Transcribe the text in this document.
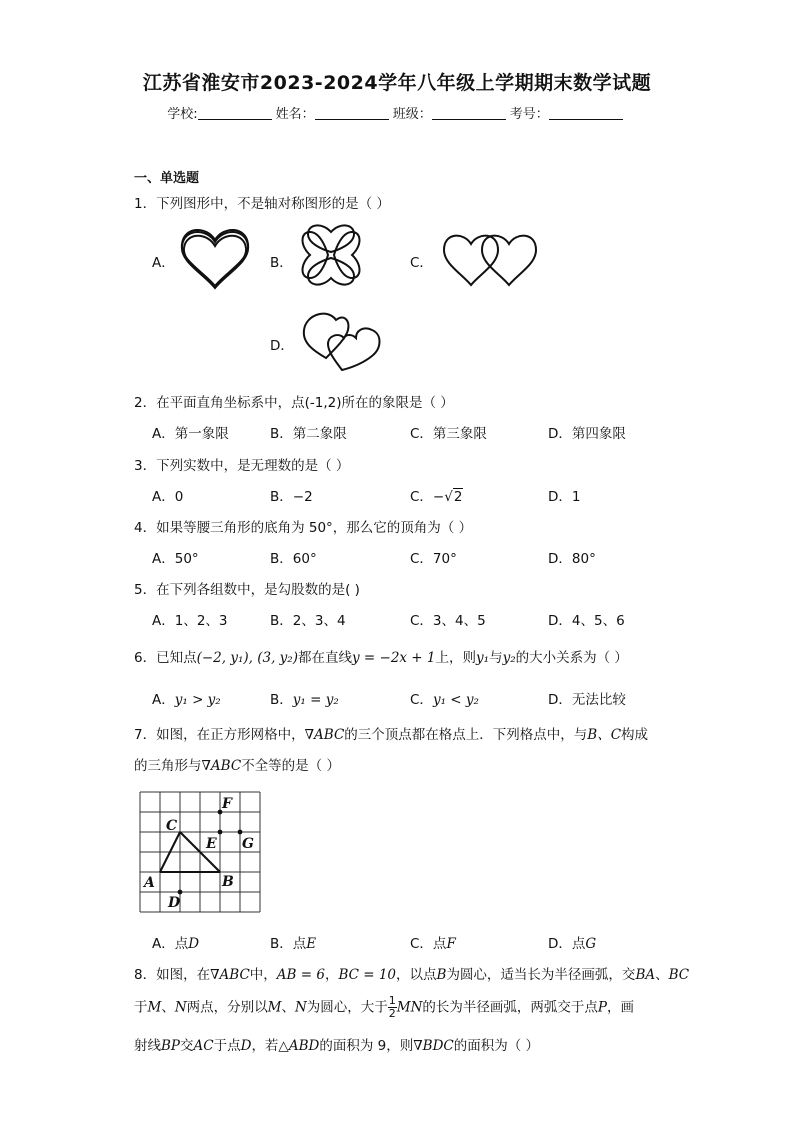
江苏省淮安市2023-2024学年八年级上学期期末数学试题
学校:	姓名：	班级：	考号：
一、单选题
1．下列图形中，不是轴对称图形的是（ ）
A．	B．	C．
D．
2．在平面直角坐标系中，点(-1,2)所在的象限是（ ）
A．第一象限	B．第二象限	C．第三象限	D．第四象限
3．下列实数中，是无理数的是（ ）
A．0	B．−2	C．−√2	D．1
4．如果等腰三角形的底角为 50°，那么它的顶角为（ ）
A．50°	B．60°	C．70°	D．80°
5．在下列各组数中，是勾股数的是( )
A．1、2、3	B．2、3、4	C．3、4、5	D．4、5、6
6．已知点(−2, y₁), (3, y₂)都在直线y = −2x + 1上，则y₁与y₂的大小关系为（ ）
A．y₁ > y₂	B．y₁ = y₂	C．y₁ < y₂	D．无法比较
7．如图，在正方形网格中，∇ABC的三个顶点都在格点上．下列格点中，与B、C构成
的三角形与∇ABC不全等的是（ ）
A	B
C
D
E
F
G
A．点D	B．点E	C．点F	D．点G
8．如图，在∇ABC中，AB = 6，BC = 10，以点B为圆心，适当长为半径画弧，交BA、BC
于M、N两点，分别以M、N为圆心，大于 $\frac{1}{2}$ MN的长为半径画弧，两弧交于点P，画
射线BP交AC于点D，若△ABD的面积为 9，则∇BDC的面积为（ ）
